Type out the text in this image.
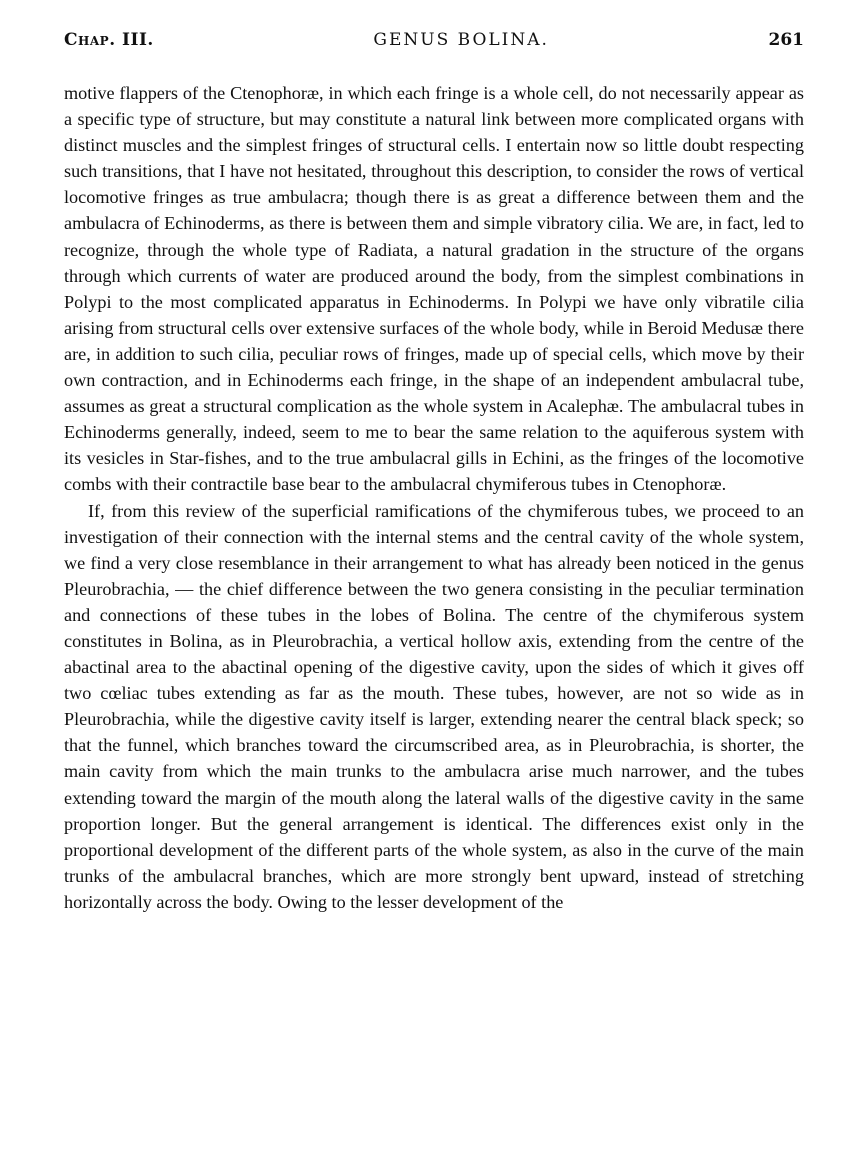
Chap. III.	GENUS BOLINA.	261

motive flappers of the Ctenophoræ, in which each fringe is a whole cell, do not necessarily appear as a specific type of structure, but may constitute a natural link between more complicated organs with distinct muscles and the simplest fringes of structural cells. I entertain now so little doubt respecting such transitions, that I have not hesitated, throughout this description, to consider the rows of vertical locomotive fringes as true ambulacra; though there is as great a difference between them and the ambulacra of Echinoderms, as there is between them and simple vibratory cilia. We are, in fact, led to recognize, through the whole type of Radiata, a natural gradation in the structure of the organs through which currents of water are produced around the body, from the simplest combinations in Polypi to the most complicated apparatus in Echinoderms. In Polypi we have only vibratile cilia arising from structural cells over extensive surfaces of the whole body, while in Beroid Medusæ there are, in addition to such cilia, peculiar rows of fringes, made up of special cells, which move by their own contraction, and in Echinoderms each fringe, in the shape of an independent ambulacral tube, assumes as great a structural complication as the whole system in Acalephæ. The ambulacral tubes in Echinoderms generally, indeed, seem to me to bear the same relation to the aquiferous system with its vesicles in Star-fishes, and to the true ambulacral gills in Echini, as the fringes of the locomotive combs with their contractile base bear to the ambulacral chymiferous tubes in Ctenophoræ.

If, from this review of the superficial ramifications of the chymiferous tubes, we proceed to an investigation of their connection with the internal stems and the central cavity of the whole system, we find a very close resemblance in their arrangement to what has already been noticed in the genus Pleurobrachia, — the chief difference between the two genera consisting in the peculiar termination and connections of these tubes in the lobes of Bolina. The centre of the chymiferous system constitutes in Bolina, as in Pleurobrachia, a vertical hollow axis, extending from the centre of the abactinal area to the abactinal opening of the digestive cavity, upon the sides of which it gives off two cœliac tubes extending as far as the mouth. These tubes, however, are not so wide as in Pleurobrachia, while the digestive cavity itself is larger, extending nearer the central black speck; so that the funnel, which branches toward the circumscribed area, as in Pleurobrachia, is shorter, the main cavity from which the main trunks to the ambulacra arise much narrower, and the tubes extending toward the margin of the mouth along the lateral walls of the digestive cavity in the same proportion longer. But the general arrangement is identical. The differences exist only in the proportional development of the different parts of the whole system, as also in the curve of the main trunks of the ambulacral branches, which are more strongly bent upward, instead of stretching horizontally across the body. Owing to the lesser development of the
